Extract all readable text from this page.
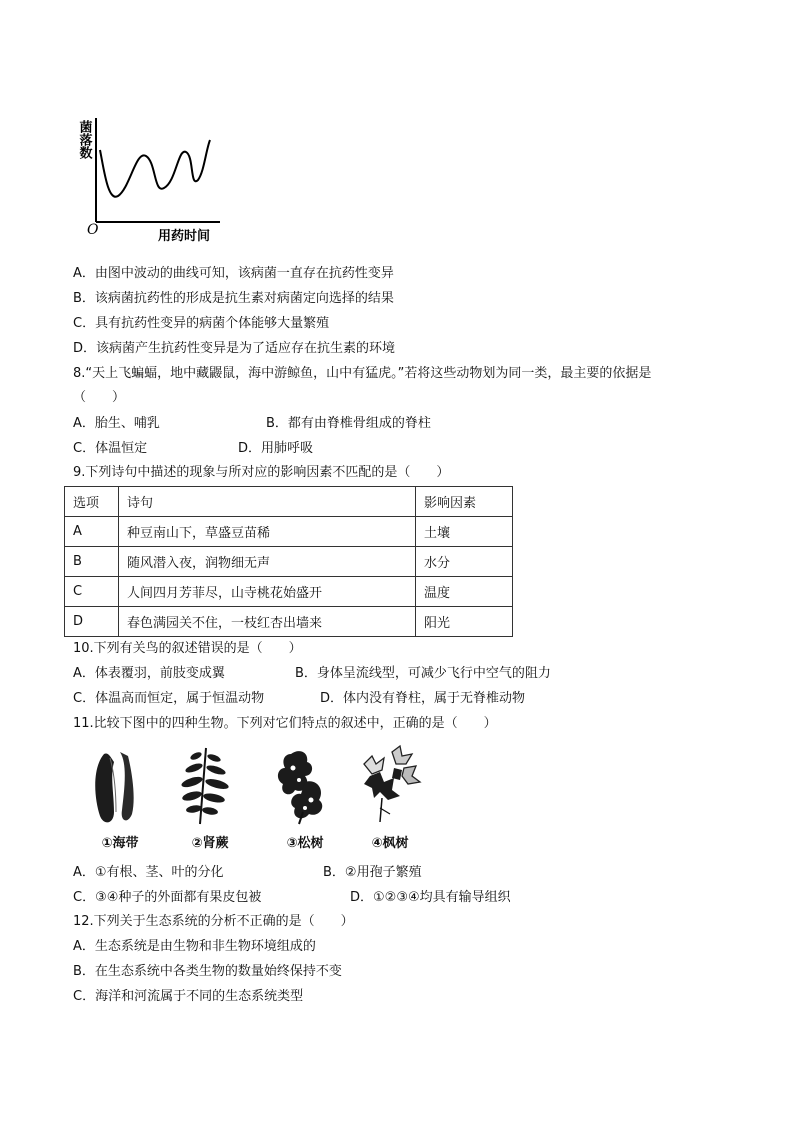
菌落数
O	用药时间
A．由图中波动的曲线可知，该病菌一直存在抗药性变异
B．该病菌抗药性的形成是抗生素对病菌定向选择的结果
C．具有抗药性变异的病菌个体能够大量繁殖
D．该病菌产生抗药性变异是为了适应存在抗生素的环境
8.“天上飞蝙蝠，地中藏鼹鼠，海中游鲸鱼，山中有猛虎。”若将这些动物划为同一类，最主要的依据是
（　　）
A．胎生、哺乳	B．都有由脊椎骨组成的脊柱
C．体温恒定	D．用肺呼吸
9.下列诗句中描述的现象与所对应的影响因素不匹配的是（　　）
选项	诗句	影响因素
A	种豆南山下，草盛豆苗稀	土壤
B	随风潜入夜，润物细无声	水分
C	人间四月芳菲尽，山寺桃花始盛开	温度
D	春色满园关不住，一枝红杏出墙来	阳光
10.下列有关鸟的叙述错误的是（　　）
A．体表覆羽，前肢变成翼	B．身体呈流线型，可减少飞行中空气的阻力
C．体温高而恒定，属于恒温动物	D．体内没有脊柱，属于无脊椎动物
11.比较下图中的四种生物。下列对它们特点的叙述中，正确的是（　　）
①海带	②肾蕨	③松树	④枫树
A．①有根、茎、叶的分化	B．②用孢子繁殖
C．③④种子的外面都有果皮包被	D．①②③④均具有输导组织
12.下列关于生态系统的分析不正确的是（　　）
A．生态系统是由生物和非生物环境组成的
B．在生态系统中各类生物的数量始终保持不变
C．海洋和河流属于不同的生态系统类型
